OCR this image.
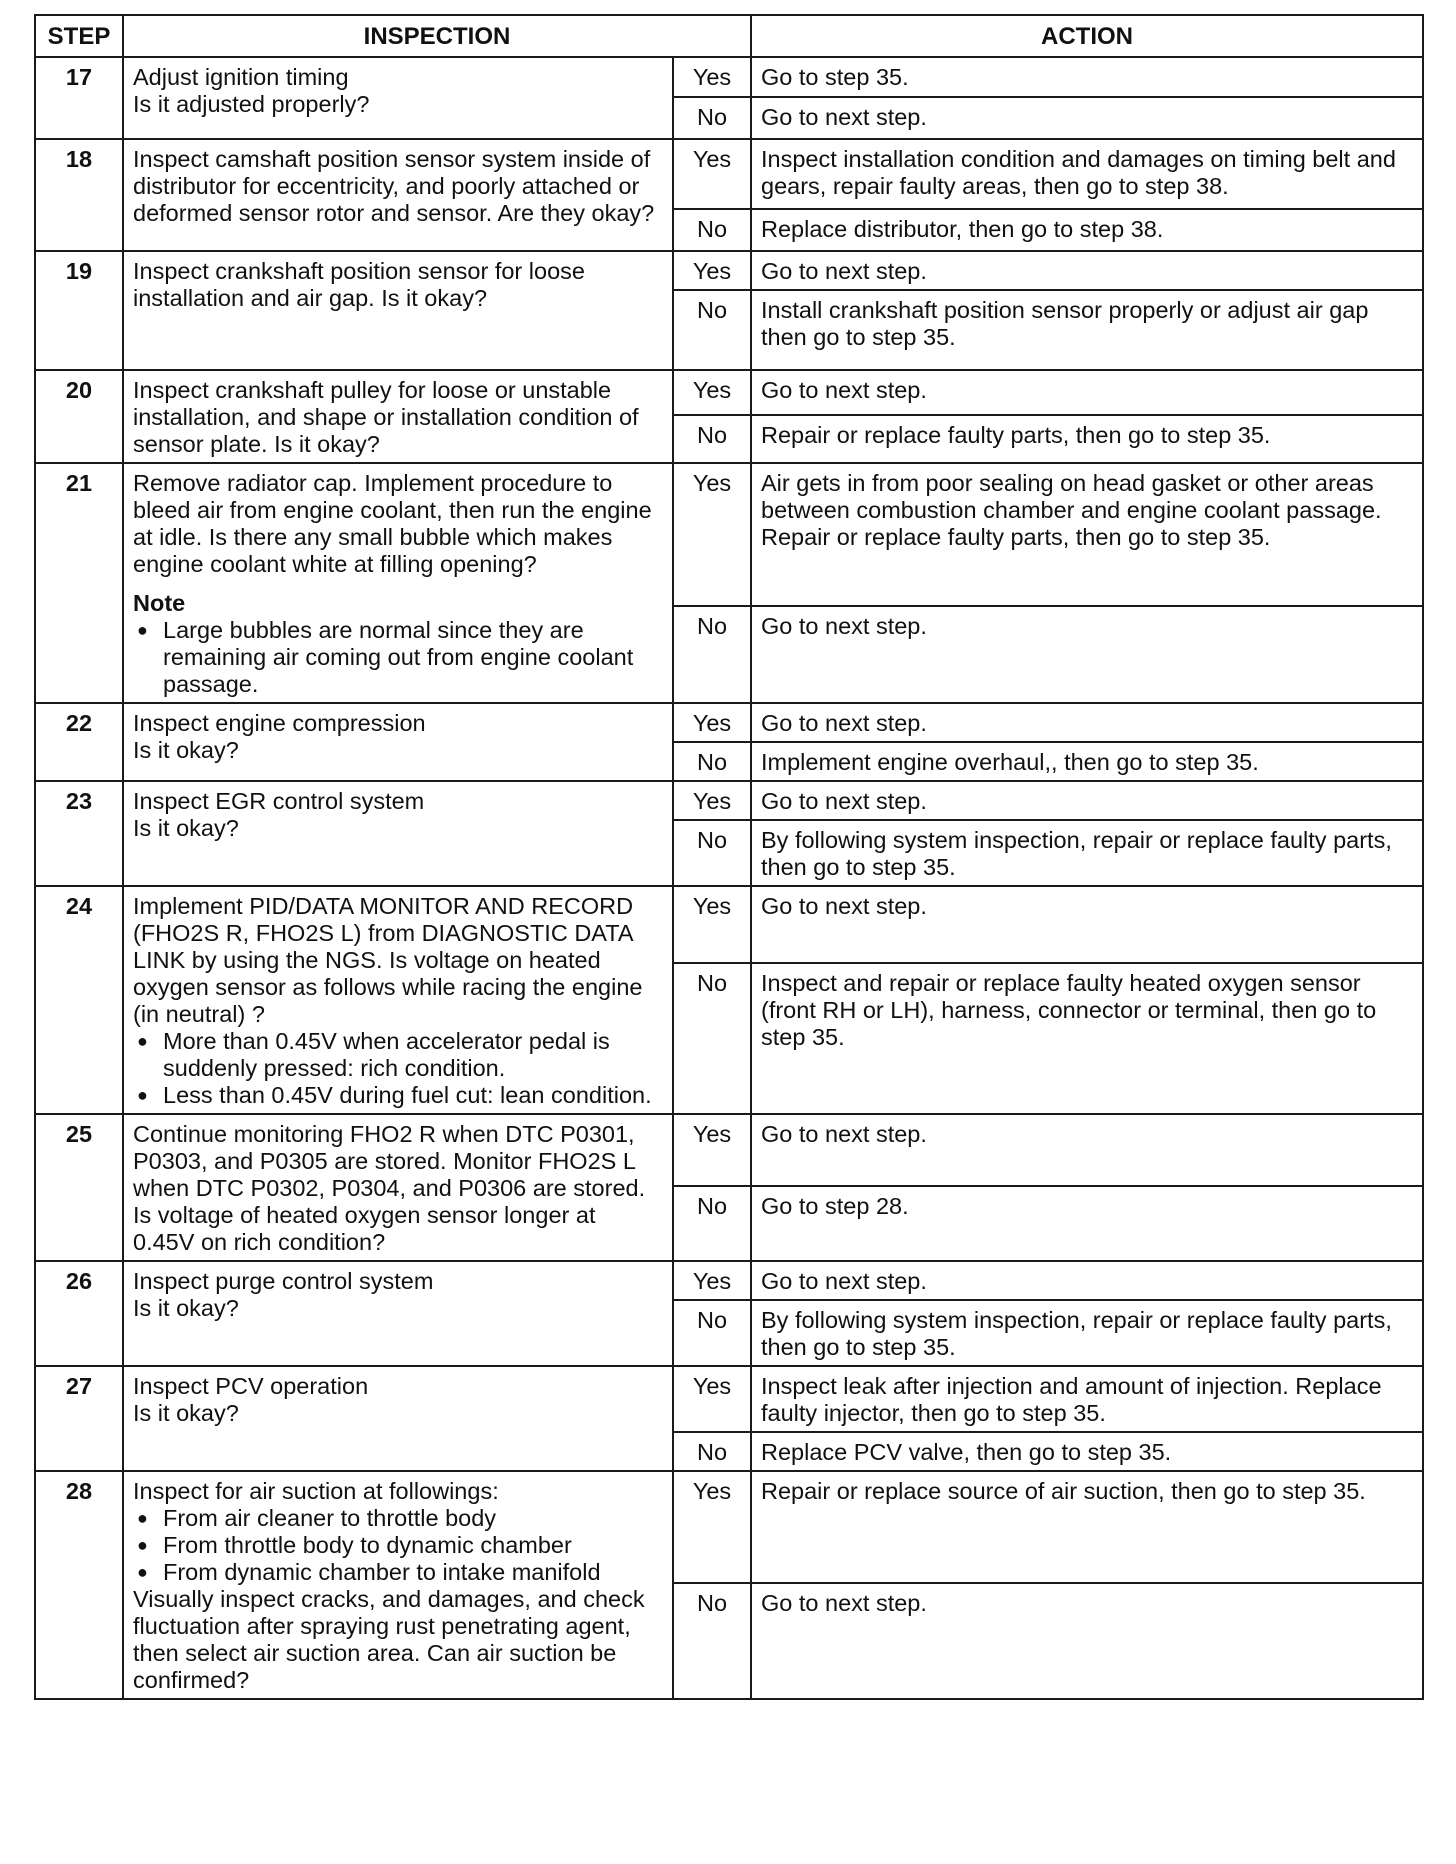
STEP	INSPECTION		ACTION
17	Adjust ignition timing
Is it adjusted properly?	Yes	Go to step 35.
		No	Go to next step.
18	Inspect camshaft position sensor system inside of distributor for eccentricity, and poorly attached or deformed sensor rotor and sensor. Are they okay?	Yes	Inspect installation condition and damages on timing belt and gears, repair faulty areas, then go to step 38.
		No	Replace distributor, then go to step 38.
19	Inspect crankshaft position sensor for loose installation and air gap. Is it okay?	Yes	Go to next step.
		No	Install crankshaft position sensor properly or adjust air gap then go to step 35.
20	Inspect crankshaft pulley for loose or unstable installation, and shape or installation condition of sensor plate. Is it okay?	Yes	Go to next step.
		No	Repair or replace faulty parts, then go to step 35.
21	Remove radiator cap. Implement procedure to bleed air from engine coolant, then run the engine at idle. Is there any small bubble which makes engine coolant white at filling opening?
Note
● Large bubbles are normal since they are remaining air coming out from engine coolant passage.	Yes	Air gets in from poor sealing on head gasket or other areas between combustion chamber and engine coolant passage. Repair or replace faulty parts, then go to step 35.
		No	Go to next step.
22	Inspect engine compression
Is it okay?	Yes	Go to next step.
		No	Implement engine overhaul,, then go to step 35.
23	Inspect EGR control system
Is it okay?	Yes	Go to next step.
		No	By following system inspection, repair or replace faulty parts, then go to step 35.
24	Implement PID/DATA MONITOR AND RECORD (FHO2S R, FHO2S L) from DIAGNOSTIC DATA LINK by using the NGS. Is voltage on heated oxygen sensor as follows while racing the engine (in neutral) ?
● More than 0.45V when accelerator pedal is suddenly pressed: rich condition.
● Less than 0.45V during fuel cut: lean condition.	Yes	Go to next step.
		No	Inspect and repair or replace faulty heated oxygen sensor (front RH or LH), harness, connector or terminal, then go to step 35.
25	Continue monitoring FHO2 R when DTC P0301, P0303, and P0305 are stored. Monitor FHO2S L when DTC P0302, P0304, and P0306 are stored. Is voltage of heated oxygen sensor longer at 0.45V on rich condition?	Yes	Go to next step.
		No	Go to step 28.
26	Inspect purge control system
Is it okay?	Yes	Go to next step.
		No	By following system inspection, repair or replace faulty parts, then go to step 35.
27	Inspect PCV operation
Is it okay?	Yes	Inspect leak after injection and amount of injection. Replace faulty injector, then go to step 35.
		No	Replace PCV valve, then go to step 35.
28	Inspect for air suction at followings:
● From air cleaner to throttle body
● From throttle body to dynamic chamber
● From dynamic chamber to intake manifold
Visually inspect cracks, and damages, and check fluctuation after spraying rust penetrating agent, then select air suction area. Can air suction be confirmed?	Yes	Repair or replace source of air suction, then go to step 35.
		No	Go to next step.
